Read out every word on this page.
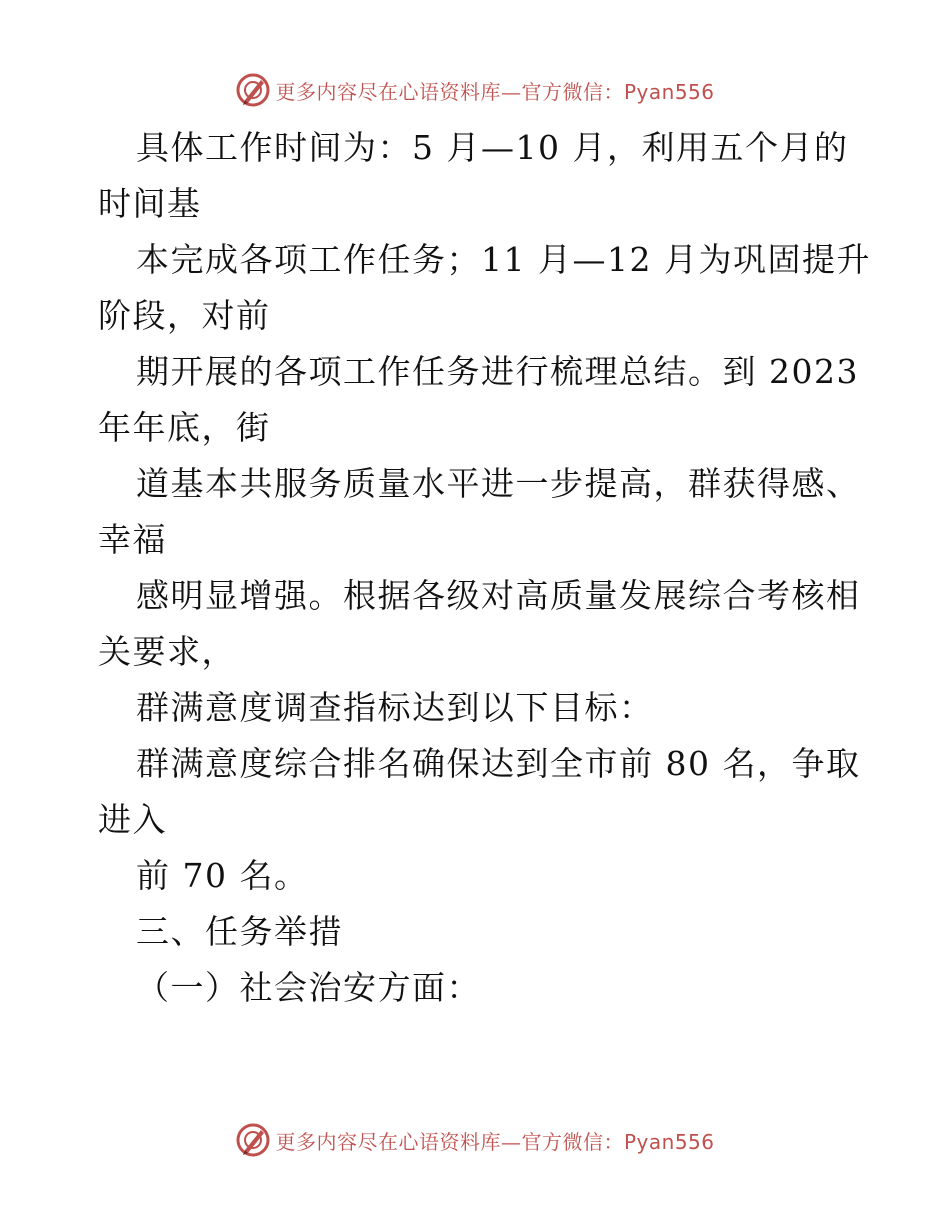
更多内容尽在心语资料库—官方微信：Pyan556
具体工作时间为：5 月—10 月，利用五个月的
时间基
本完成各项工作任务；11 月—12 月为巩固提升
阶段，对前
期开展的各项工作任务进行梳理总结。到 2023
年年底，街
道基本共服务质量水平进一步提高，群获得感、
幸福
感明显增强。根据各级对高质量发展综合考核相
关要求，
群满意度调查指标达到以下目标：
群满意度综合排名确保达到全市前 80 名，争取
进入
前 70 名。
三、任务举措
（一）社会治安方面：
更多内容尽在心语资料库—官方微信：Pyan556
